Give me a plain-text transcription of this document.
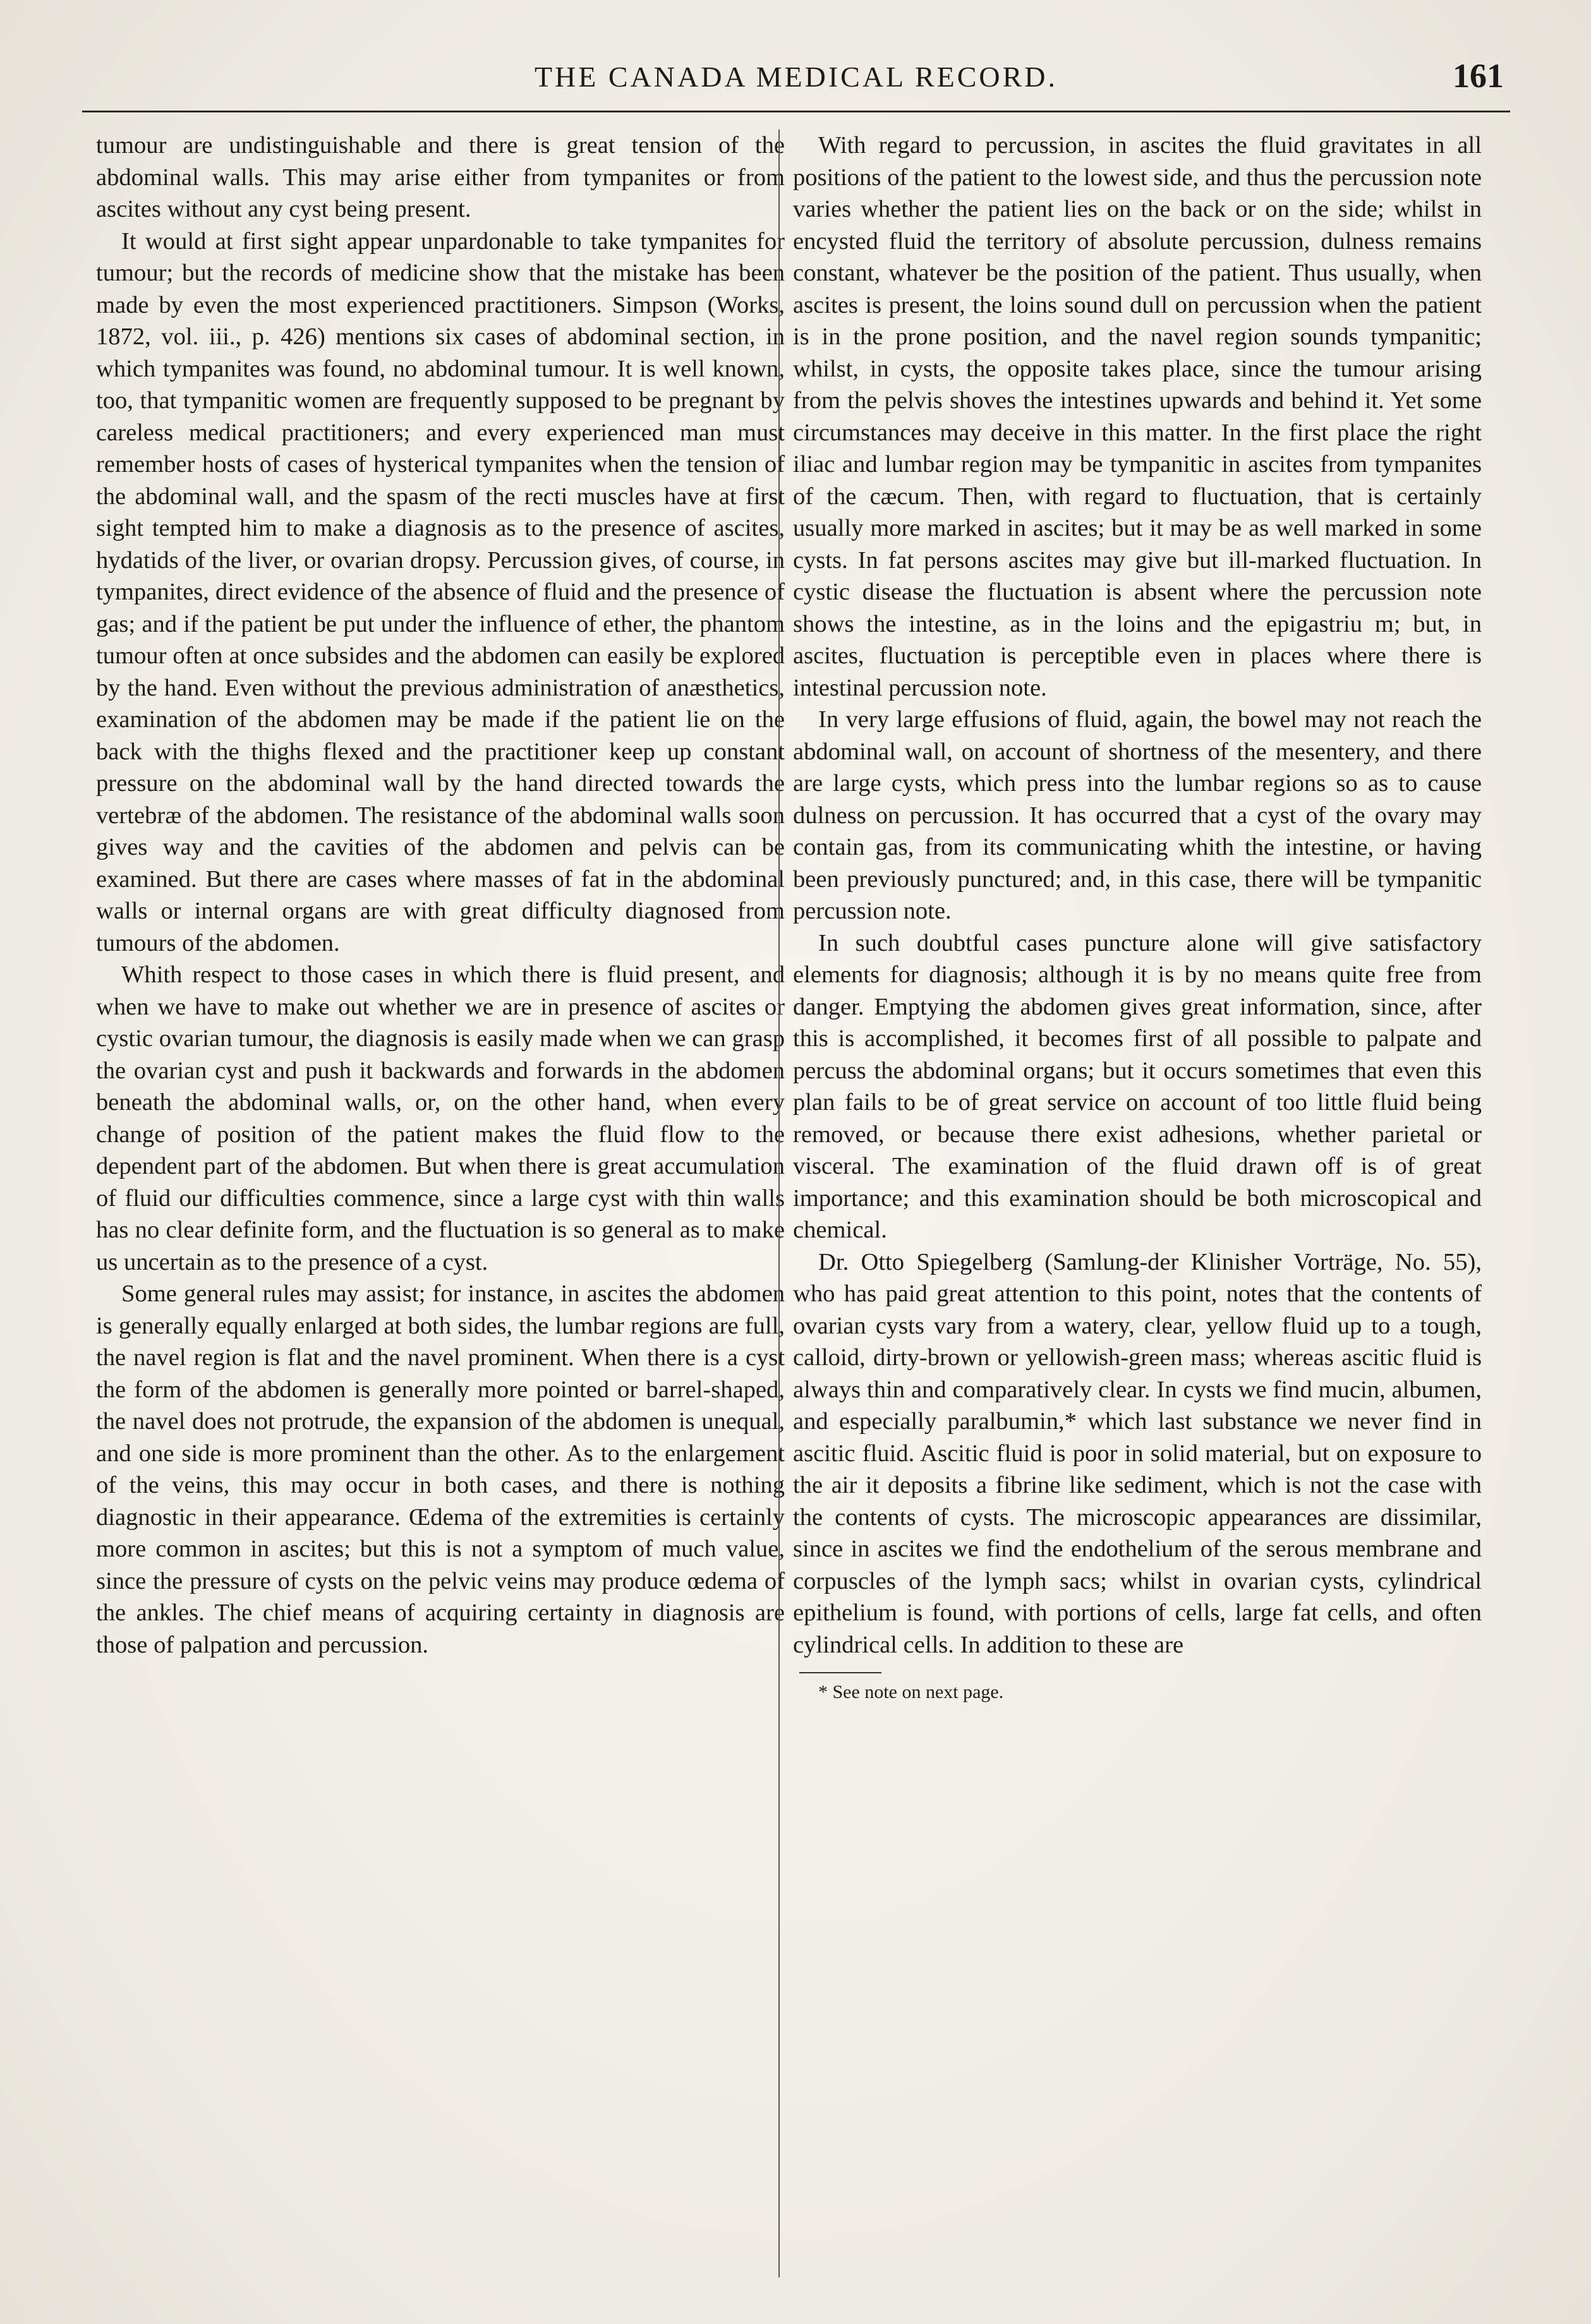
THE CANADA MEDICAL RECORD.	161

tumour are undistinguishable and there is great tension of the abdominal walls. This may arise either from tympanites or from ascites without any cyst being present.

It would at first sight appear unpardonable to take tympanites for tumour; but the records of medicine show that the mistake has been made by even the most experienced practitioners. Simpson (Works, 1872, vol. iii., p. 426) mentions six cases of abdominal section, in which tympanites was found, no abdominal tumour. It is well known, too, that tympanitic women are frequently supposed to be pregnant by careless medical practitioners; and every experienced man must remember hosts of cases of hysterical tympanites when the tension of the abdominal wall, and the spasm of the recti muscles have at first sight tempted him to make a diagnosis as to the presence of ascites, hydatids of the liver, or ovarian dropsy. Percussion gives, of course, in tympanites, direct evidence of the absence of fluid and the presence of gas; and if the patient be put under the influence of ether, the phantom tumour often at once subsides and the abdomen can easily be explored by the hand. Even without the previous administration of anæsthetics, examination of the abdomen may be made if the patient lie on the back with the thighs flexed and the practitioner keep up constant pressure on the abdominal wall by the hand directed towards the vertebræ of the abdomen. The resistance of the abdominal walls soon gives way and the cavities of the abdomen and pelvis can be examined. But there are cases where masses of fat in the abdominal walls or internal organs are with great difficulty diagnosed from tumours of the abdomen.

Whith respect to those cases in which there is fluid present, and when we have to make out whether we are in presence of ascites or cystic ovarian tumour, the diagnosis is easily made when we can grasp the ovarian cyst and push it backwards and forwards in the abdomen beneath the abdominal walls, or, on the other hand, when every change of position of the patient makes the fluid flow to the dependent part of the abdomen. But when there is great accumulation of fluid our difficulties commence, since a large cyst with thin walls has no clear definite form, and the fluctuation is so general as to make us uncertain as to the presence of a cyst.

Some general rules may assist; for instance, in ascites the abdomen is generally equally enlarged at both sides, the lumbar regions are full, the navel region is flat and the navel prominent. When there is a cyst the form of the abdomen is generally more pointed or barrel-shaped, the navel does not protrude, the expansion of the abdomen is unequal, and one side is more prominent than the other. As to the enlargement of the veins, this may occur in both cases, and there is nothing diagnostic in their appearance. Œdema of the extremities is certainly more common in ascites; but this is not a symptom of much value, since the pressure of cysts on the pelvic veins may produce œdema of the ankles. The chief means of acquiring certainty in diagnosis are those of palpation and percussion.

With regard to percussion, in ascites the fluid gravitates in all positions of the patient to the lowest side, and thus the percussion note varies whether the patient lies on the back or on the side; whilst in encysted fluid the territory of absolute percussion, dulness remains constant, whatever be the position of the patient. Thus usually, when ascites is present, the loins sound dull on percussion when the patient is in the prone position, and the navel region sounds tympanitic; whilst, in cysts, the opposite takes place, since the tumour arising from the pelvis shoves the intestines upwards and behind it. Yet some circumstances may deceive in this matter. In the first place the right iliac and lumbar region may be tympanitic in ascites from tympanites of the cæcum. Then, with regard to fluctuation, that is certainly usually more marked in ascites; but it may be as well marked in some cysts. In fat persons ascites may give but ill-marked fluctuation. In cystic disease the fluctuation is absent where the percussion note shows the intestine, as in the loins and the epigastriu m; but, in ascites, fluctuation is perceptible even in places where there is intestinal percussion note.

In very large effusions of fluid, again, the bowel may not reach the abdominal wall, on account of shortness of the mesentery, and there are large cysts, which press into the lumbar regions so as to cause dulness on percussion. It has occurred that a cyst of the ovary may contain gas, from its communicating whith the intestine, or having been previously punctured; and, in this case, there will be tympanitic percussion note.

In such doubtful cases puncture alone will give satisfactory elements for diagnosis; although it is by no means quite free from danger. Emptying the abdomen gives great information, since, after this is accomplished, it becomes first of all possible to palpate and percuss the abdominal organs; but it occurs sometimes that even this plan fails to be of great service on account of too little fluid being removed, or because there exist adhesions, whether parietal or visceral. The examination of the fluid drawn off is of great importance; and this examination should be both microscopical and chemical.

Dr. Otto Spiegelberg (Samlung-der Klinisher Vorträge, No. 55), who has paid great attention to this point, notes that the contents of ovarian cysts vary from a watery, clear, yellow fluid up to a tough, calloid, dirty-brown or yellowish-green mass; whereas ascitic fluid is always thin and comparatively clear. In cysts we find mucin, albumen, and especially paralbumin,* which last substance we never find in ascitic fluid. Ascitic fluid is poor in solid material, but on exposure to the air it deposits a fibrine like sediment, which is not the case with the contents of cysts. The microscopic appearances are dissimilar, since in ascites we find the endothelium of the serous membrane and corpuscles of the lymph sacs; whilst in ovarian cysts, cylindrical epithelium is found, with portions of cells, large fat cells, and often cylindrical cells. In addition to these are

* See note on next page.
